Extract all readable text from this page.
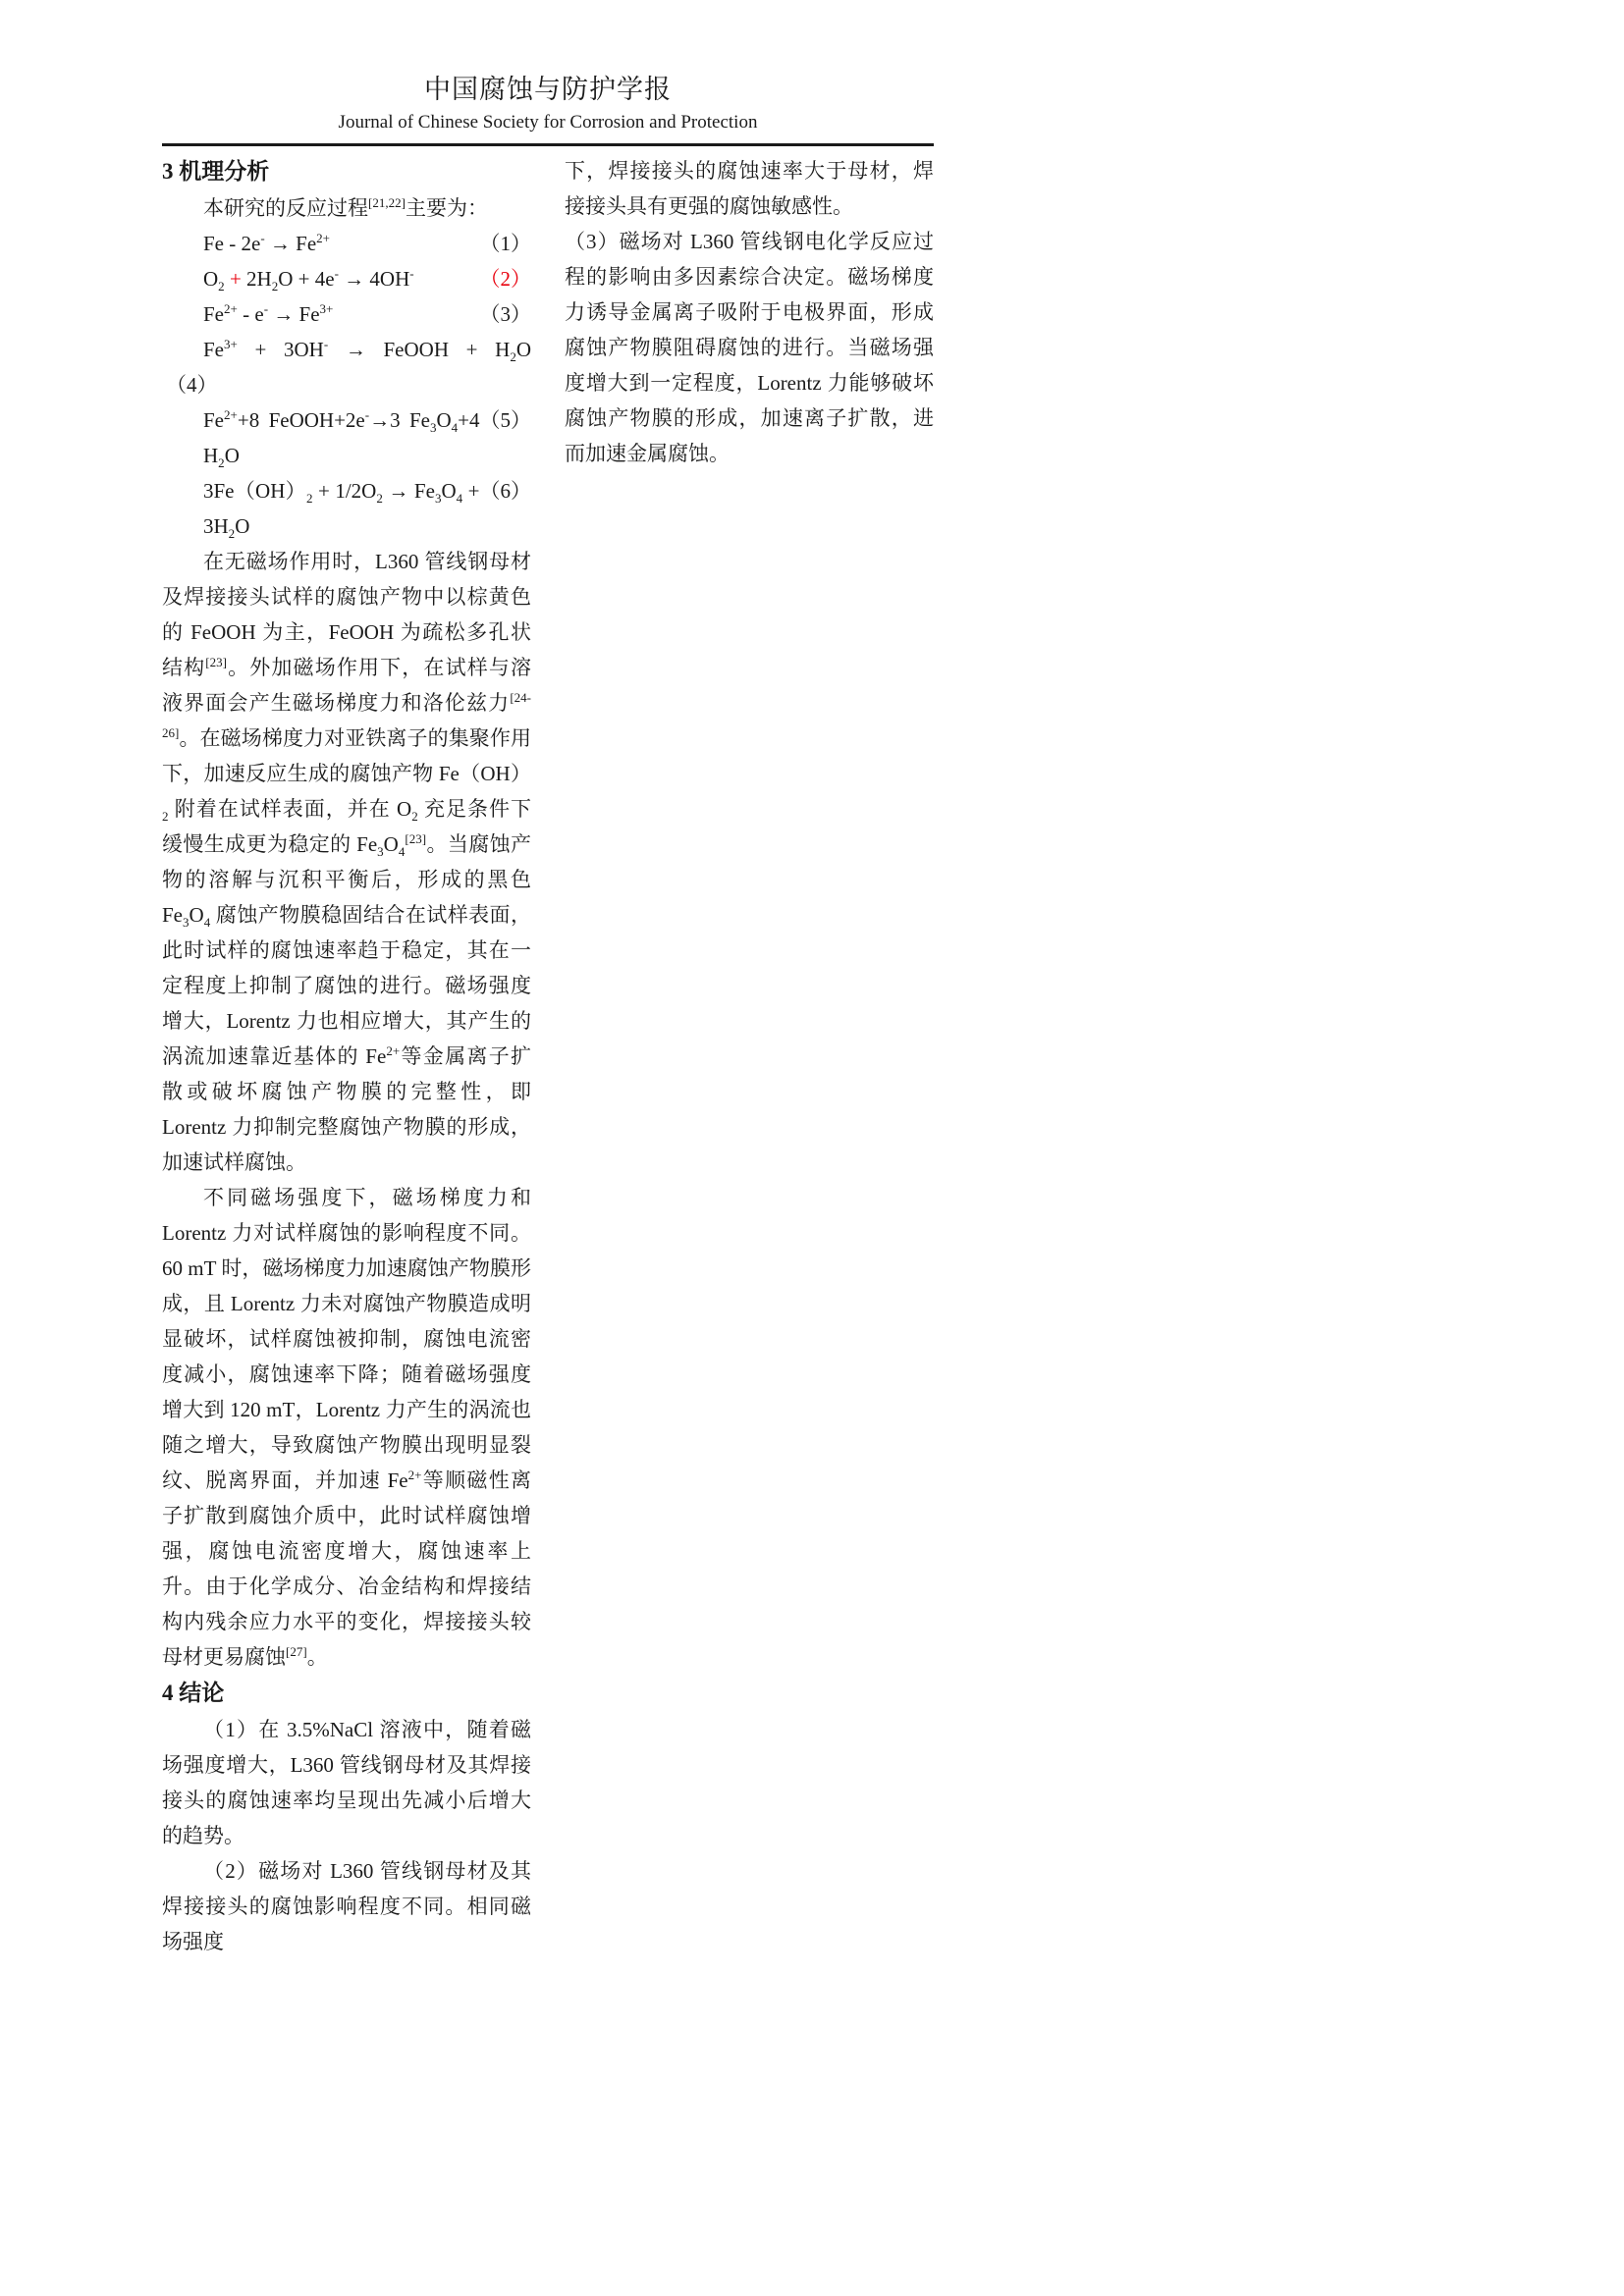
中国腐蚀与防护学报
Journal of Chinese Society for Corrosion and Protection
3 机理分析

本研究的反应过程[21,22]主要为：

$Fe - 2e^- \to Fe^{2+}$	（1）
$O_2 + 2H_2O + 4e^- \to 4OH^-$	（2）
$Fe^{2+} - e^- \to Fe^{3+}$	（3）
$Fe^{3+} + 3OH^-$ → FeOOH + $H_2O$
（4）
$Fe^{2+}+8$ FeOOH+2e-→3 $Fe_3O_4+4$ $H_2O$
（5）
$3Fe(OH)_2 + 1/2O_2 \to Fe_3O_4 + 3H_2O$
（6）

在无磁场作用时，L360 管线钢母材及焊接接头试样的腐蚀产物中以棕黄色的 FeOOH 为主，FeOOH 为疏松多孔状结构[23]。外加磁场作用下，在试样与溶液界面会产生磁场梯度力和洛伦兹力[24-26]。在磁场梯度力对亚铁离子的集聚作用下，加速反应生成的腐蚀产物 $Fe(OH)_2$ 附着在试样表面，并在 $O_2$ 充足条件下缓慢生成更为稳定的 $Fe_3O_4[23]$。当腐蚀产物的溶解与沉积平衡后，形成的黑色 $Fe_3O_4$ 腐蚀产物膜稳固结合在试样表面，此时试样的腐蚀速率趋于稳定，其在一定程度上抑制了腐蚀的进行。磁场强度增大，Lorentz 力也相应增大，其产生的涡流加速靠近基体的 $Fe^{2+}$等金属离子扩散或破坏腐蚀产物膜的完整性，即 Lorentz 力抑制完整腐蚀产物膜的形成，加速试样腐蚀。

不同磁场强度下，磁场梯度力和 Lorentz 力对试样腐蚀的影响程度不同。60 mT 时，磁场梯度力加速腐蚀产物膜形成，且 Lorentz 力未对腐蚀产物膜造成明显破坏，试样腐蚀被抑制，腐蚀电流密度减小，腐蚀速率下降；随着磁场强度增大到 120 mT，Lorentz 力产生的涡流也随之增大，导致腐蚀产物膜出现明显裂纹、脱离界面，并加速 $Fe^{2+}$等顺磁性离子扩散到腐蚀介质中，此时试样腐蚀增强，腐蚀电流密度增大，腐蚀速率上升。由于化学成分、冶金结构和焊接结构内残余应力水平的变化，焊接接头较母材更易腐蚀[27]。

4 结论

（1）在 3.5%NaCl 溶液中，随着磁场强度增大，L360 管线钢母材及其焊接接头的腐蚀速率均呈现出先减小后增大的趋势。

（2）磁场对 L360 管线钢母材及其焊接接头的腐蚀影响程度不同。相同磁场强度

下，焊接接头的腐蚀速率大于母材，焊接接头具有更强的腐蚀敏感性。

（3）磁场对 L360 管线钢电化学反应过程的影响由多因素综合决定。磁场梯度力诱导金属离子吸附于电极界面，形成腐蚀产物膜阻碍腐蚀的进行。当磁场强度增大到一定程度，Lorentz 力能够破坏腐蚀产物膜的形成，加速离子扩散，进而加速金属腐蚀。
